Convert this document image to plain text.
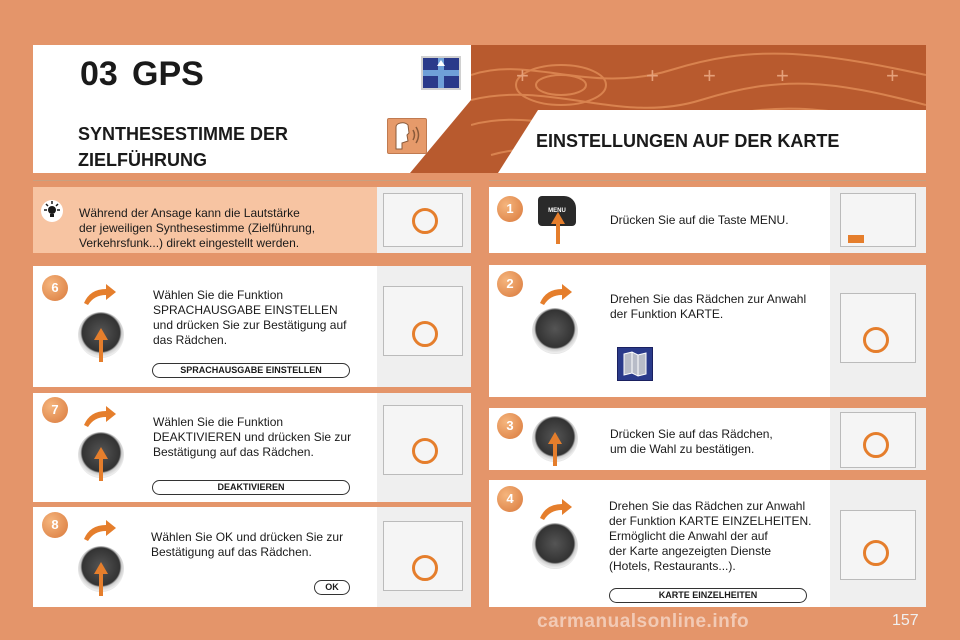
03 GPS	+	+ +	+	+
SYNTHESESTIMME DER ZIELFÜHRUNG
EINSTELLUNGEN AUF DER KARTE
Während der Ansage kann die Lautstärke
der jeweiligen Synthesestimme (Zielführung,
Verkehrsfunk...) direkt eingestellt werden.
6	Wählen Sie die Funktion
SPRACHAUSGABE EINSTELLEN
und drücken Sie zur Bestätigung auf
das Rädchen.
SPRACHAUSGABE EINSTELLEN
7
Wählen Sie die Funktion
DEAKTIVIEREN und drücken Sie zur
Bestätigung auf das Rädchen.
DEAKTIVIEREN
8
Wählen Sie OK und drücken Sie zur
Bestätigung auf das Rädchen.
OK
1	MENU
Drücken Sie auf die Taste MENU.
2
Drehen Sie das Rädchen zur Anwahl
der Funktion KARTE.
3
Drücken Sie auf das Rädchen,
um die Wahl zu bestätigen.
4	Drehen Sie das Rädchen zur Anwahl
der Funktion KARTE EINZELHEITEN.
Ermöglicht die Anwahl der auf
der Karte angezeigten Dienste
(Hotels, Restaurants...).
KARTE EINZELHEITEN
carmanualsonline.info	157
